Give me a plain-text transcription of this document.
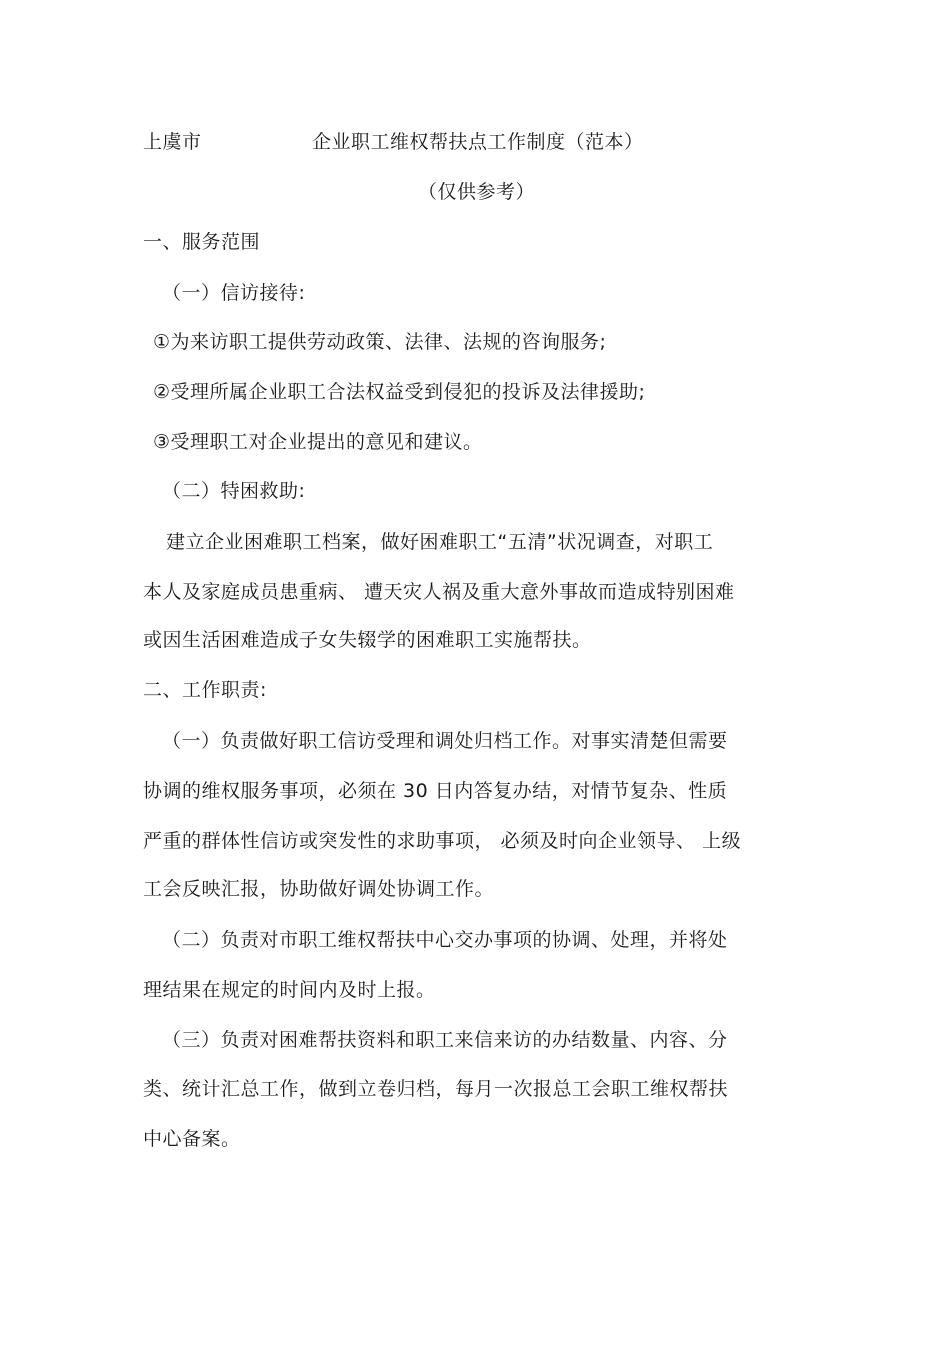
上虞市	企业职工维权帮扶点工作制度（范本）
（仅供参考）
一、服务范围
（一）信访接待:
①为来访职工提供劳动政策、法律、法规的咨询服务;
②受理所属企业职工合法权益受到侵犯的投诉及法律援助;
③受理职工对企业提出的意见和建议。
（二）特困救助:
建立企业困难职工档案，做好困难职工“五清”状况调查，对职工
本人及家庭成员患重病、 遭天灾人祸及重大意外事故而造成特别困难
或因生活困难造成子女失辍学的困难职工实施帮扶。
二、工作职责:
（一）负责做好职工信访受理和调处归档工作。对事实清楚但需要
协调的维权服务事项，必须在 30 日内答复办结，对情节复杂、性质
严重的群体性信访或突发性的求助事项， 必须及时向企业领导、 上级
工会反映汇报，协助做好调处协调工作。
（二）负责对市职工维权帮扶中心交办事项的协调、处理，并将处
理结果在规定的时间内及时上报。
（三）负责对困难帮扶资料和职工来信来访的办结数量、内容、分
类、统计汇总工作，做到立卷归档，每月一次报总工会职工维权帮扶
中心备案。
